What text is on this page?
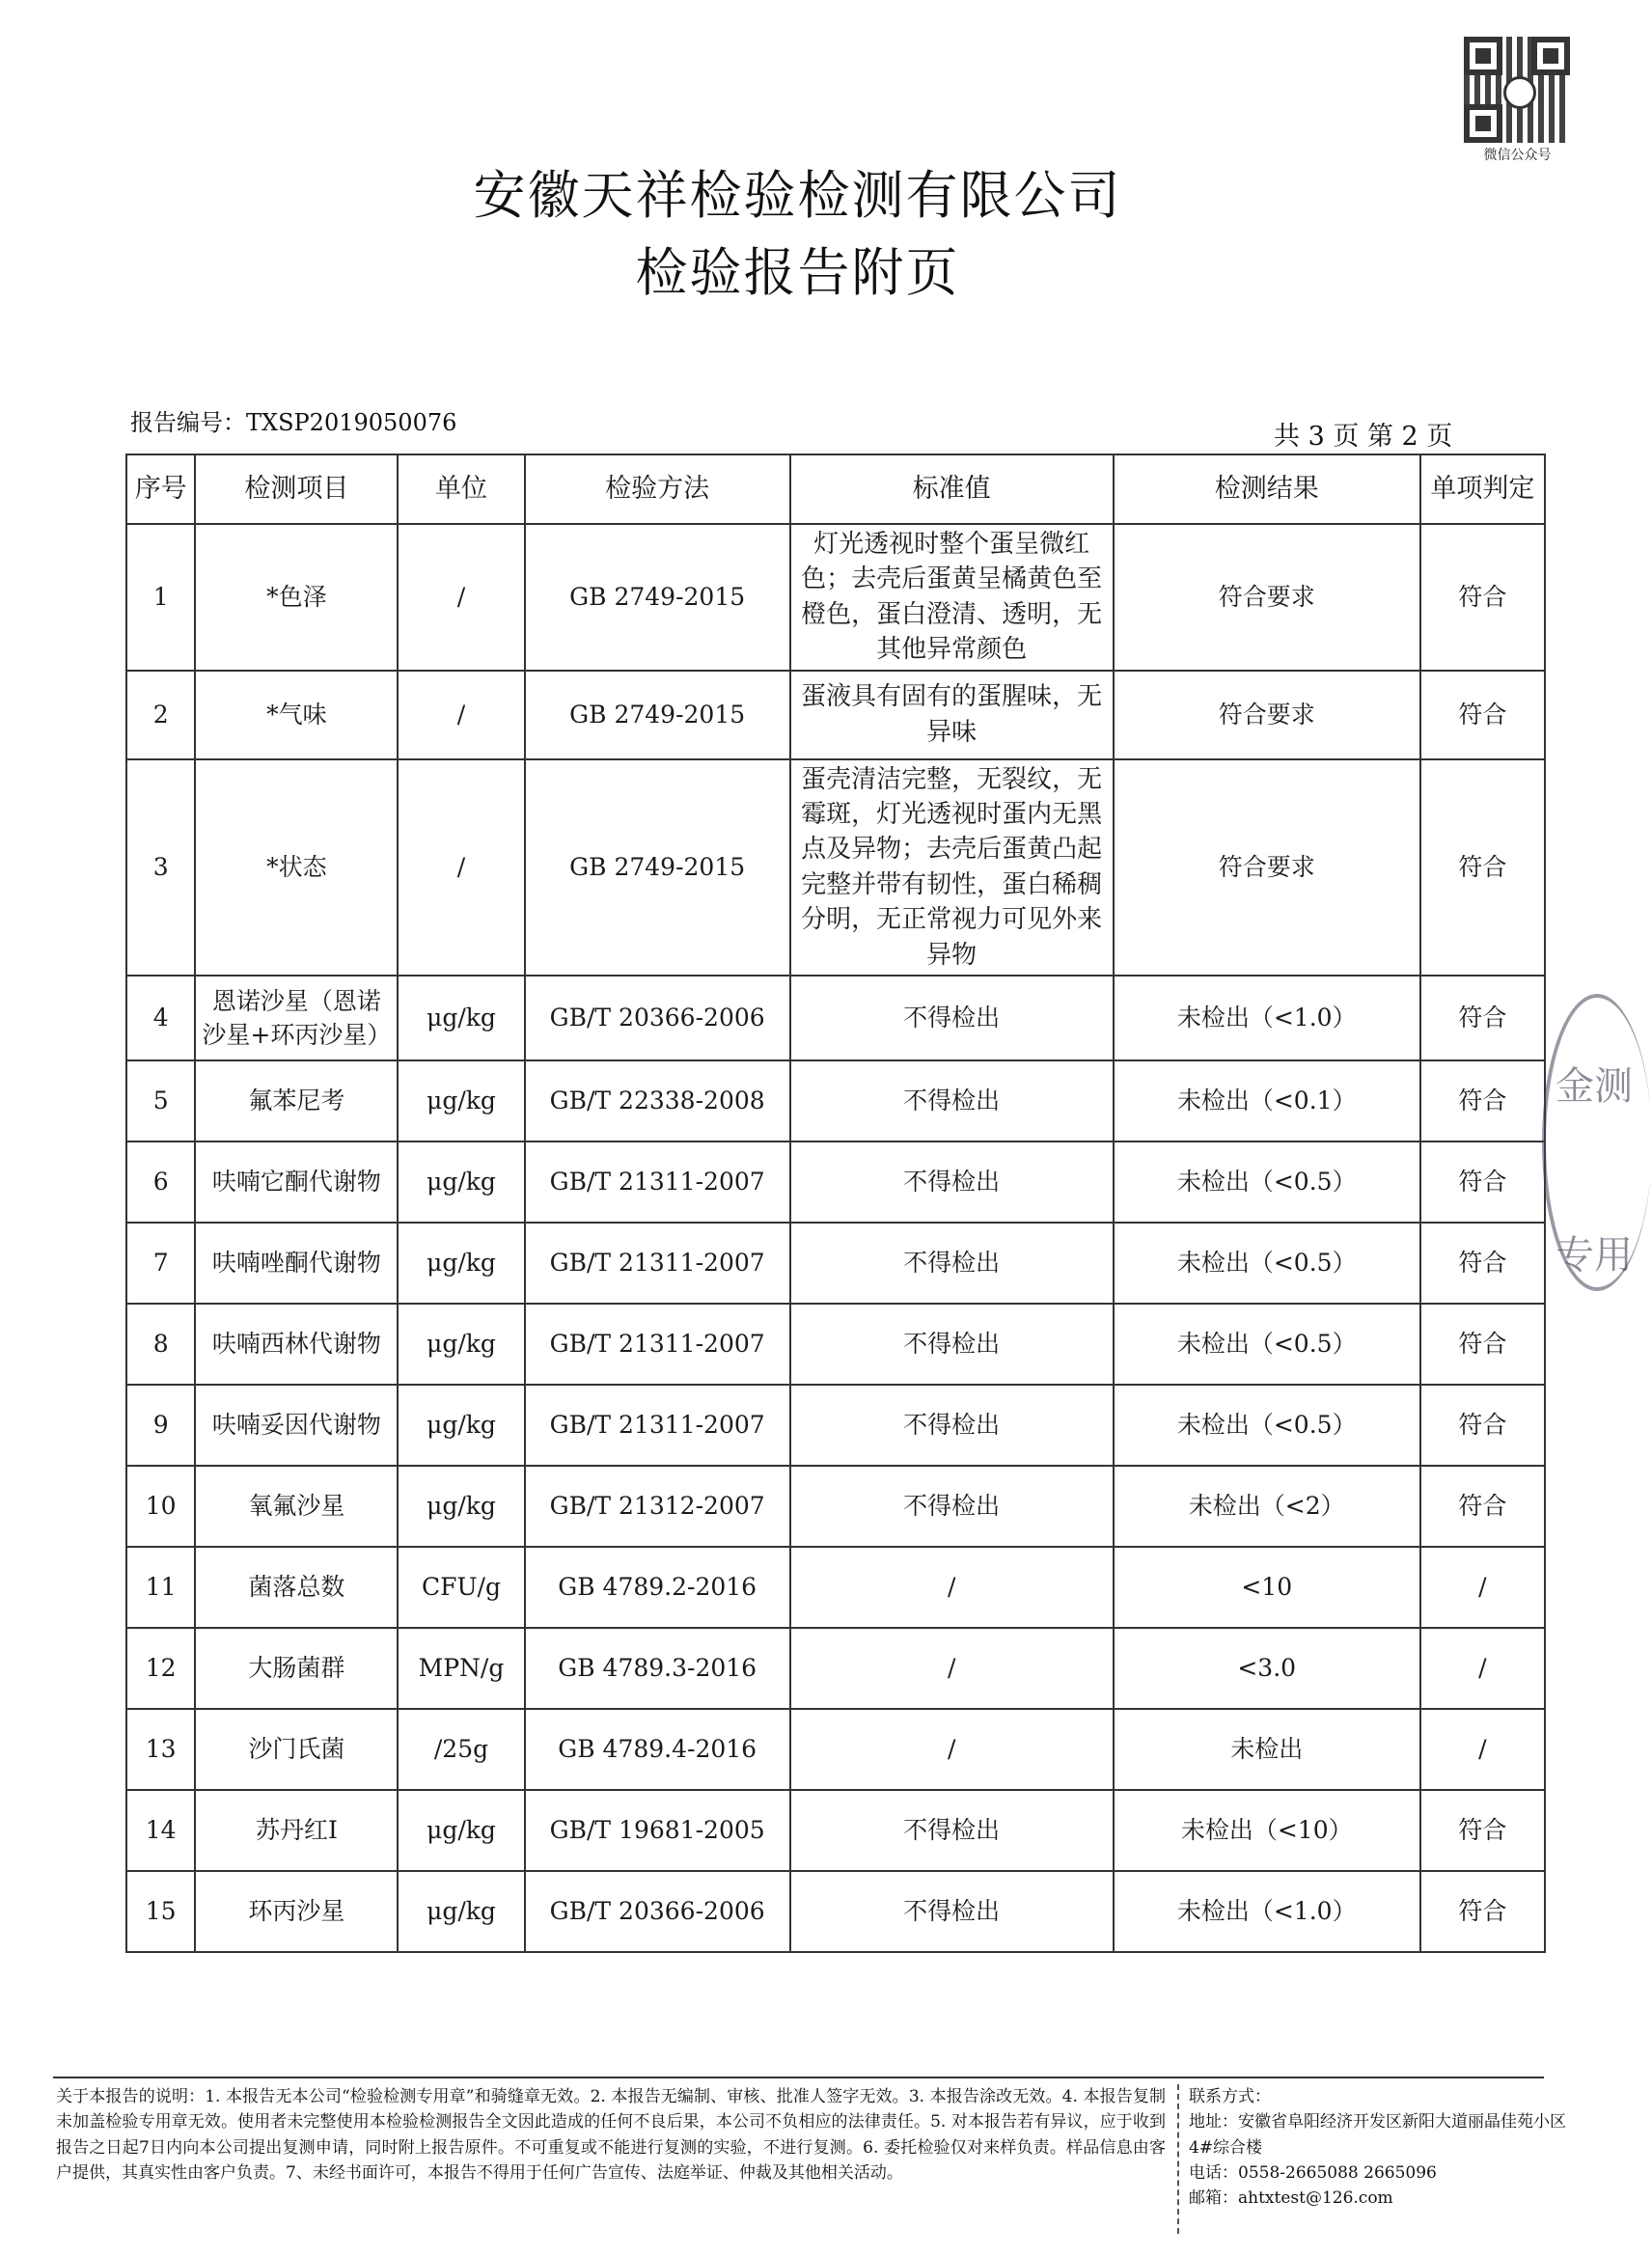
微信公众号
安徽天祥检验检测有限公司
检验报告附页
报告编号：TXSP2019050076	共 3 页 第 2 页
序号	检测项目	单位	检验方法	标准值	检测结果	单项判定
1	*色泽	/	GB 2749-2015	灯光透视时整个蛋呈微红色；去壳后蛋黄呈橘黄色至橙色，蛋白澄清、透明，无其他异常颜色	符合要求	符合
2	*气味	/	GB 2749-2015	蛋液具有固有的蛋腥味，无异味	符合要求	符合
3	*状态	/	GB 2749-2015	蛋壳清洁完整，无裂纹，无霉斑，灯光透视时蛋内无黑点及异物；去壳后蛋黄凸起完整并带有韧性，蛋白稀稠分明，无正常视力可见外来异物	符合要求	符合
4	恩诺沙星（恩诺沙星+环丙沙星）	μg/kg	GB/T 20366-2006	不得检出	未检出（<1.0）	符合
5	氟苯尼考	μg/kg	GB/T 22338-2008	不得检出	未检出（<0.1）	符合
6	呋喃它酮代谢物	μg/kg	GB/T 21311-2007	不得检出	未检出（<0.5）	符合
7	呋喃唑酮代谢物	μg/kg	GB/T 21311-2007	不得检出	未检出（<0.5）	符合
8	呋喃西林代谢物	μg/kg	GB/T 21311-2007	不得检出	未检出（<0.5）	符合
9	呋喃妥因代谢物	μg/kg	GB/T 21311-2007	不得检出	未检出（<0.5）	符合
10	氧氟沙星	μg/kg	GB/T 21312-2007	不得检出	未检出（<2）	符合
11	菌落总数	CFU/g	GB 4789.2-2016	/	<10	/
12	大肠菌群	MPN/g	GB 4789.3-2016	/	<3.0	/
13	沙门氏菌	/25g	GB 4789.4-2016	/	未检出	/
14	苏丹红Ⅰ	μg/kg	GB/T 19681-2005	不得检出	未检出（<10）	符合
15	环丙沙星	μg/kg	GB/T 20366-2006	不得检出	未检出（<1.0）	符合
金测
专用
关于本报告的说明：1. 本报告无本公司“检验检测专用章”和骑缝章无效。2. 本报告无编制、审核、批准人签字无效。3. 本报告涂改无效。4. 本报告复制未加盖检验专用章无效。使用者未完整使用本检验检测报告全文因此造成的任何不良后果，本公司不负相应的法律责任。5. 对本报告若有异议，应于收到报告之日起7日内向本公司提出复测申请，同时附上报告原件。不可重复或不能进行复测的实验，不进行复测。6. 委托检验仅对来样负责。样品信息由客户提供，其真实性由客户负责。7、未经书面许可，本报告不得用于任何广告宣传、法庭举证、仲裁及其他相关活动。
联系方式：
地址：安徽省阜阳经济开发区新阳大道丽晶佳苑小区4#综合楼
电话：0558-2665088 2665096
邮箱：ahtxtest@126.com
